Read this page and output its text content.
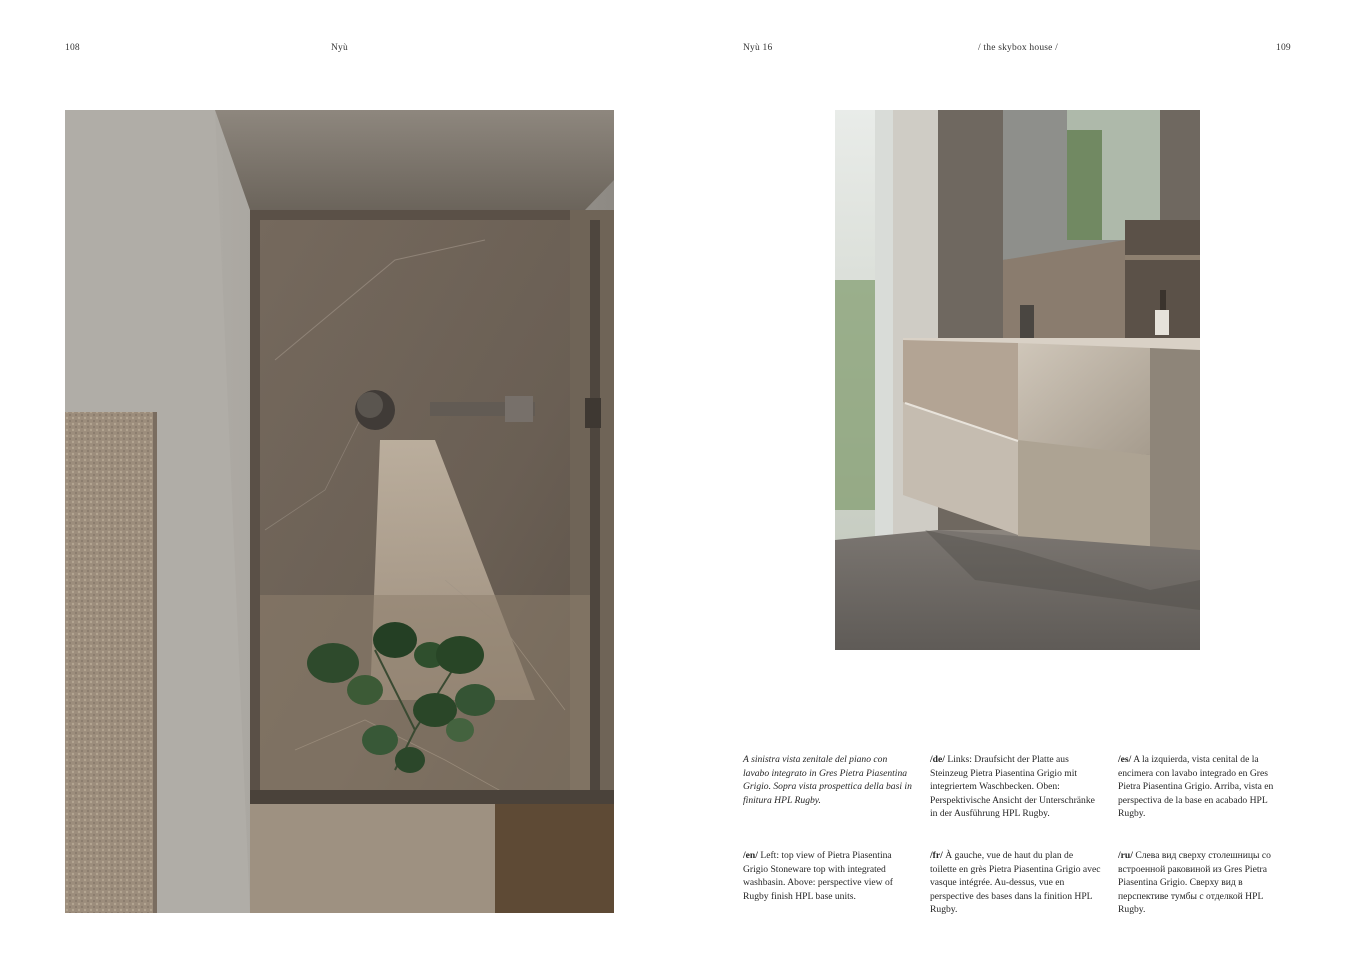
108	Nyù	Nyù 16	/ the skybox house /	109
A sinistra vista zenitale del piano con lavabo integrato in Gres Pietra Piasentina Grigio. Sopra vista prospettica della basi in finitura HPL Rugby.
/de/ Links: Draufsicht der Platte aus Steinzeug Pietra Piasentina Grigio mit integriertem Waschbecken. Oben: Perspektivische Ansicht der Unterschränke in der Ausführung HPL Rugby.
/es/ A la izquierda, vista cenital de la encimera con lavabo integrado en Gres Pietra Piasentina Grigio. Arriba, vista en perspectiva de la base en acabado HPL Rugby.
/en/ Left: top view of Pietra Piasentina Grigio Stoneware top with integrated washbasin. Above: perspective view of Rugby finish HPL base units.
/fr/ À gauche, vue de haut du plan de toilette en grès Pietra Piasentina Grigio avec vasque intégrée. Au-dessus, vue en perspective des bases dans la finition HPL Rugby.
/ru/ Слева вид сверху столешницы со встроенной раковиной из Gres Pietra Piasentina Grigio. Сверху вид в перспективе тумбы с отделкой HPL Rugby.
